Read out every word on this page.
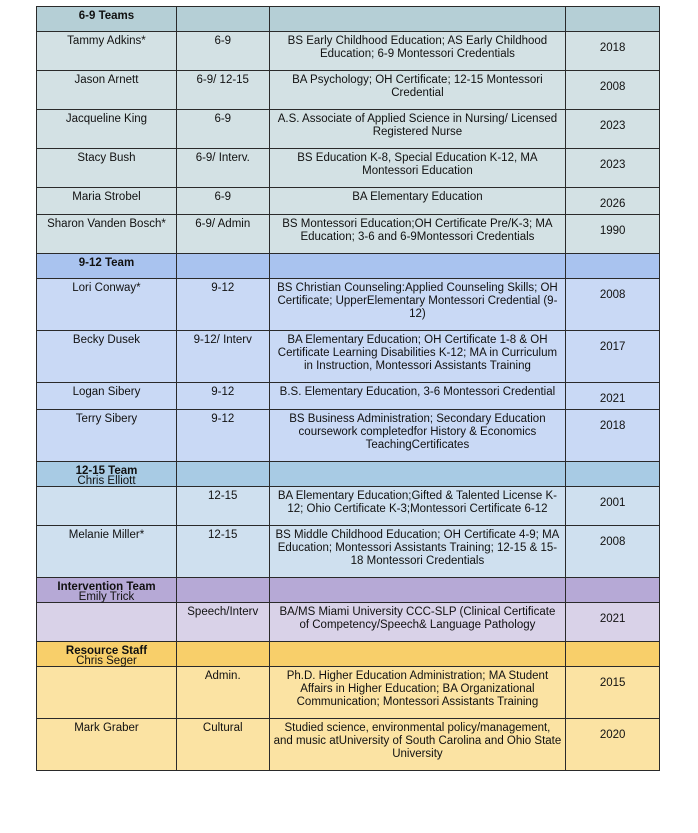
6-9 Teams			

Tammy Adkins*	6-9	BS Early Childhood Education; AS Early Childhood Education; 6-9 Montessori Credentials	2018

Jason Arnett	6-9/ 12-15	BA Psychology; OH Certificate; 12-15 Montessori Credential	2008

Jacqueline King	6-9	A.S. Associate of Applied Science in Nursing/ Licensed Registered Nurse	2023

Stacy Bush	6-9/ Interv.	BS Education K-8, Special Education K-12, MA Montessori Education	2023

Maria Strobel	6-9	BA Elementary Education	2026

Sharon Vanden Bosch*	6-9/ Admin	BS Montessori Education;OH Certificate Pre/K-3; MA Education; 3-6 and 6-9Montessori Credentials	1990

9-12 Team			

Lori Conway*	9-12	BS Christian Counseling:Applied Counseling Skills; OH Certificate; UpperElementary Montessori Credential (9-12)	2008

Becky Dusek	9-12/ Interv	BA Elementary Education; OH Certificate 1-8 & OH Certificate Learning Disabilities K-12; MA in Curriculum in Instruction, Montessori Assistants Training	2017

Logan Sibery	9-12	B.S. Elementary Education, 3-6 Montessori Credential	2021

Terry Sibery	9-12	BS Business Administration; Secondary Education coursework completedfor History & Economics TeachingCertificates	2018

12-15 Team
Chris Elliott			

	12-15	BA Elementary Education;Gifted & Talented License K-12; Ohio Certificate K-3;Montessori Certificate 6-12	2001

Melanie Miller*	12-15	BS Middle Childhood Education; OH Certificate 4-9; MA Education; Montessori Assistants Training; 12-15 & 15-18 Montessori Credentials	2008

Intervention Team
Emily Trick			

	Speech/Interv	BA/MS Miami University CCC-SLP (Clinical Certificate of Competency/Speech& Language Pathology	2021

Resource Staff
Chris Seger			

	Admin.	Ph.D. Higher Education Administration; MA Student Affairs in Higher Education; BA Organizational Communication; Montessori Assistants Training	2015

Mark Graber	Cultural	Studied science, environmental policy/management, and music atUniversity of South Carolina and Ohio State University	2020
